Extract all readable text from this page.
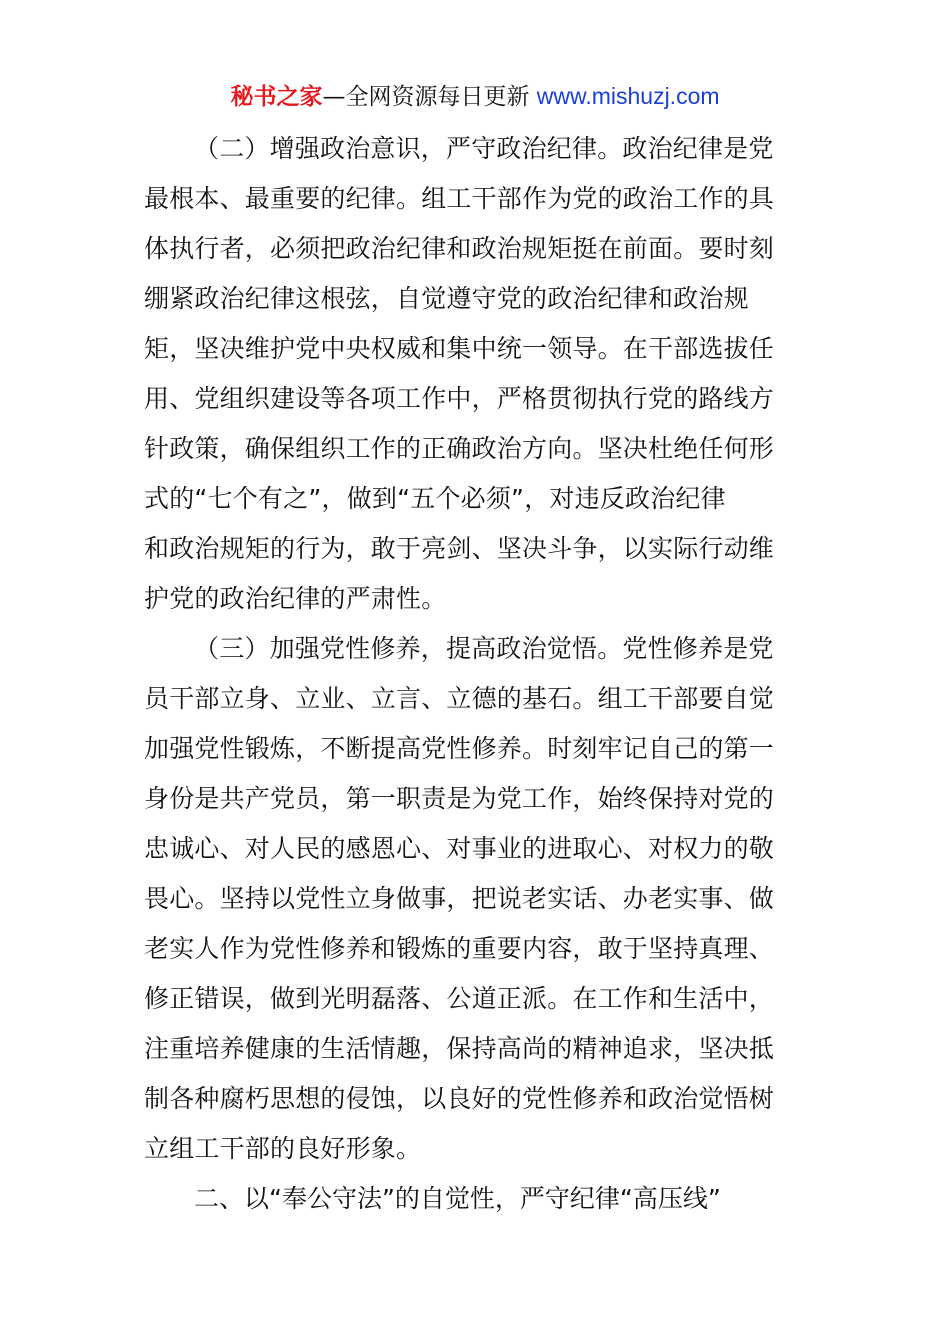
秘书之家—全网资源每日更新 www.mishuzj.com
（二）增强政治意识，严守政治纪律。政治纪律是党
最根本、最重要的纪律。组工干部作为党的政治工作的具
体执行者，必须把政治纪律和政治规矩挺在前面。要时刻
绷紧政治纪律这根弦，自觉遵守党的政治纪律和政治规
矩，坚决维护党中央权威和集中统一领导。在干部选拔任
用、党组织建设等各项工作中，严格贯彻执行党的路线方
针政策，确保组织工作的正确政治方向。坚决杜绝任何形
式的“七个有之”，做到“五个必须”，对违反政治纪律
和政治规矩的行为，敢于亮剑、坚决斗争，以实际行动维
护党的政治纪律的严肃性。
（三）加强党性修养，提高政治觉悟。党性修养是党
员干部立身、立业、立言、立德的基石。组工干部要自觉
加强党性锻炼，不断提高党性修养。时刻牢记自己的第一
身份是共产党员，第一职责是为党工作，始终保持对党的
忠诚心、对人民的感恩心、对事业的进取心、对权力的敬
畏心。坚持以党性立身做事，把说老实话、办老实事、做
老实人作为党性修养和锻炼的重要内容，敢于坚持真理、
修正错误，做到光明磊落、公道正派。在工作和生活中，
注重培养健康的生活情趣，保持高尚的精神追求，坚决抵
制各种腐朽思想的侵蚀，以良好的党性修养和政治觉悟树
立组工干部的良好形象。
二、以“奉公守法”的自觉性，严守纪律“高压线”
